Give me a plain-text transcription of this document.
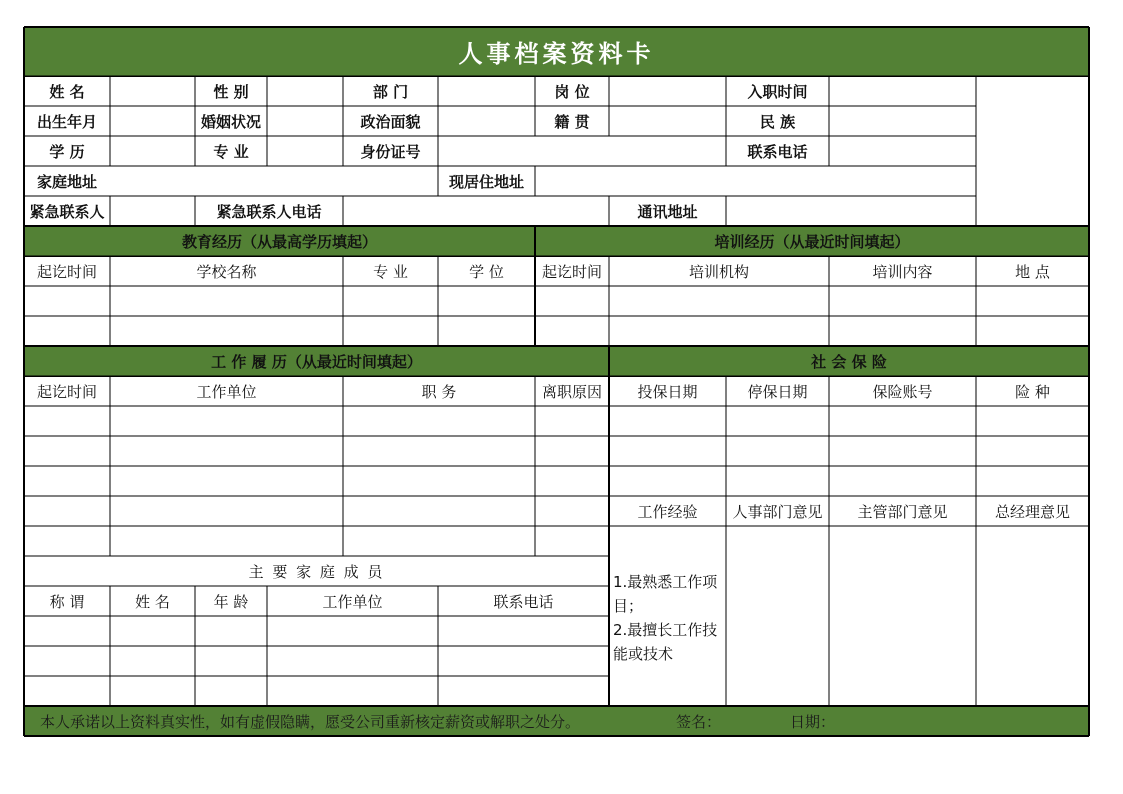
人事档案资料卡
姓 名	性 别	部 门	岗 位	入职时间
出生年月	婚姻状况	政治面貌	籍 贯	民 族
学 历	专 业	身份证号	联系电话
家庭地址	现居住地址
紧急联系人	紧急联系人电话	通讯地址
教育经历（从最高学历填起）	培训经历（从最近时间填起）
起讫时间	学校名称	专 业	学 位	起讫时间	培训机构	培训内容	地 点
工 作 履 历（从最近时间填起）	社 会 保 险
起讫时间	工作单位	职 务	离职原因	投保日期	停保日期	保险账号	险 种
工作经验	人事部门意见	主管部门意见	总经理意见
1.最熟悉工作项目；
2.最擅长工作技能或技术
主 要 家 庭 成 员
称 谓	姓 名	年 龄	工作单位	联系电话
本人承诺以上资料真实性，如有虚假隐瞒，愿受公司重新核定薪资或解职之处分。	签名：	日期：
